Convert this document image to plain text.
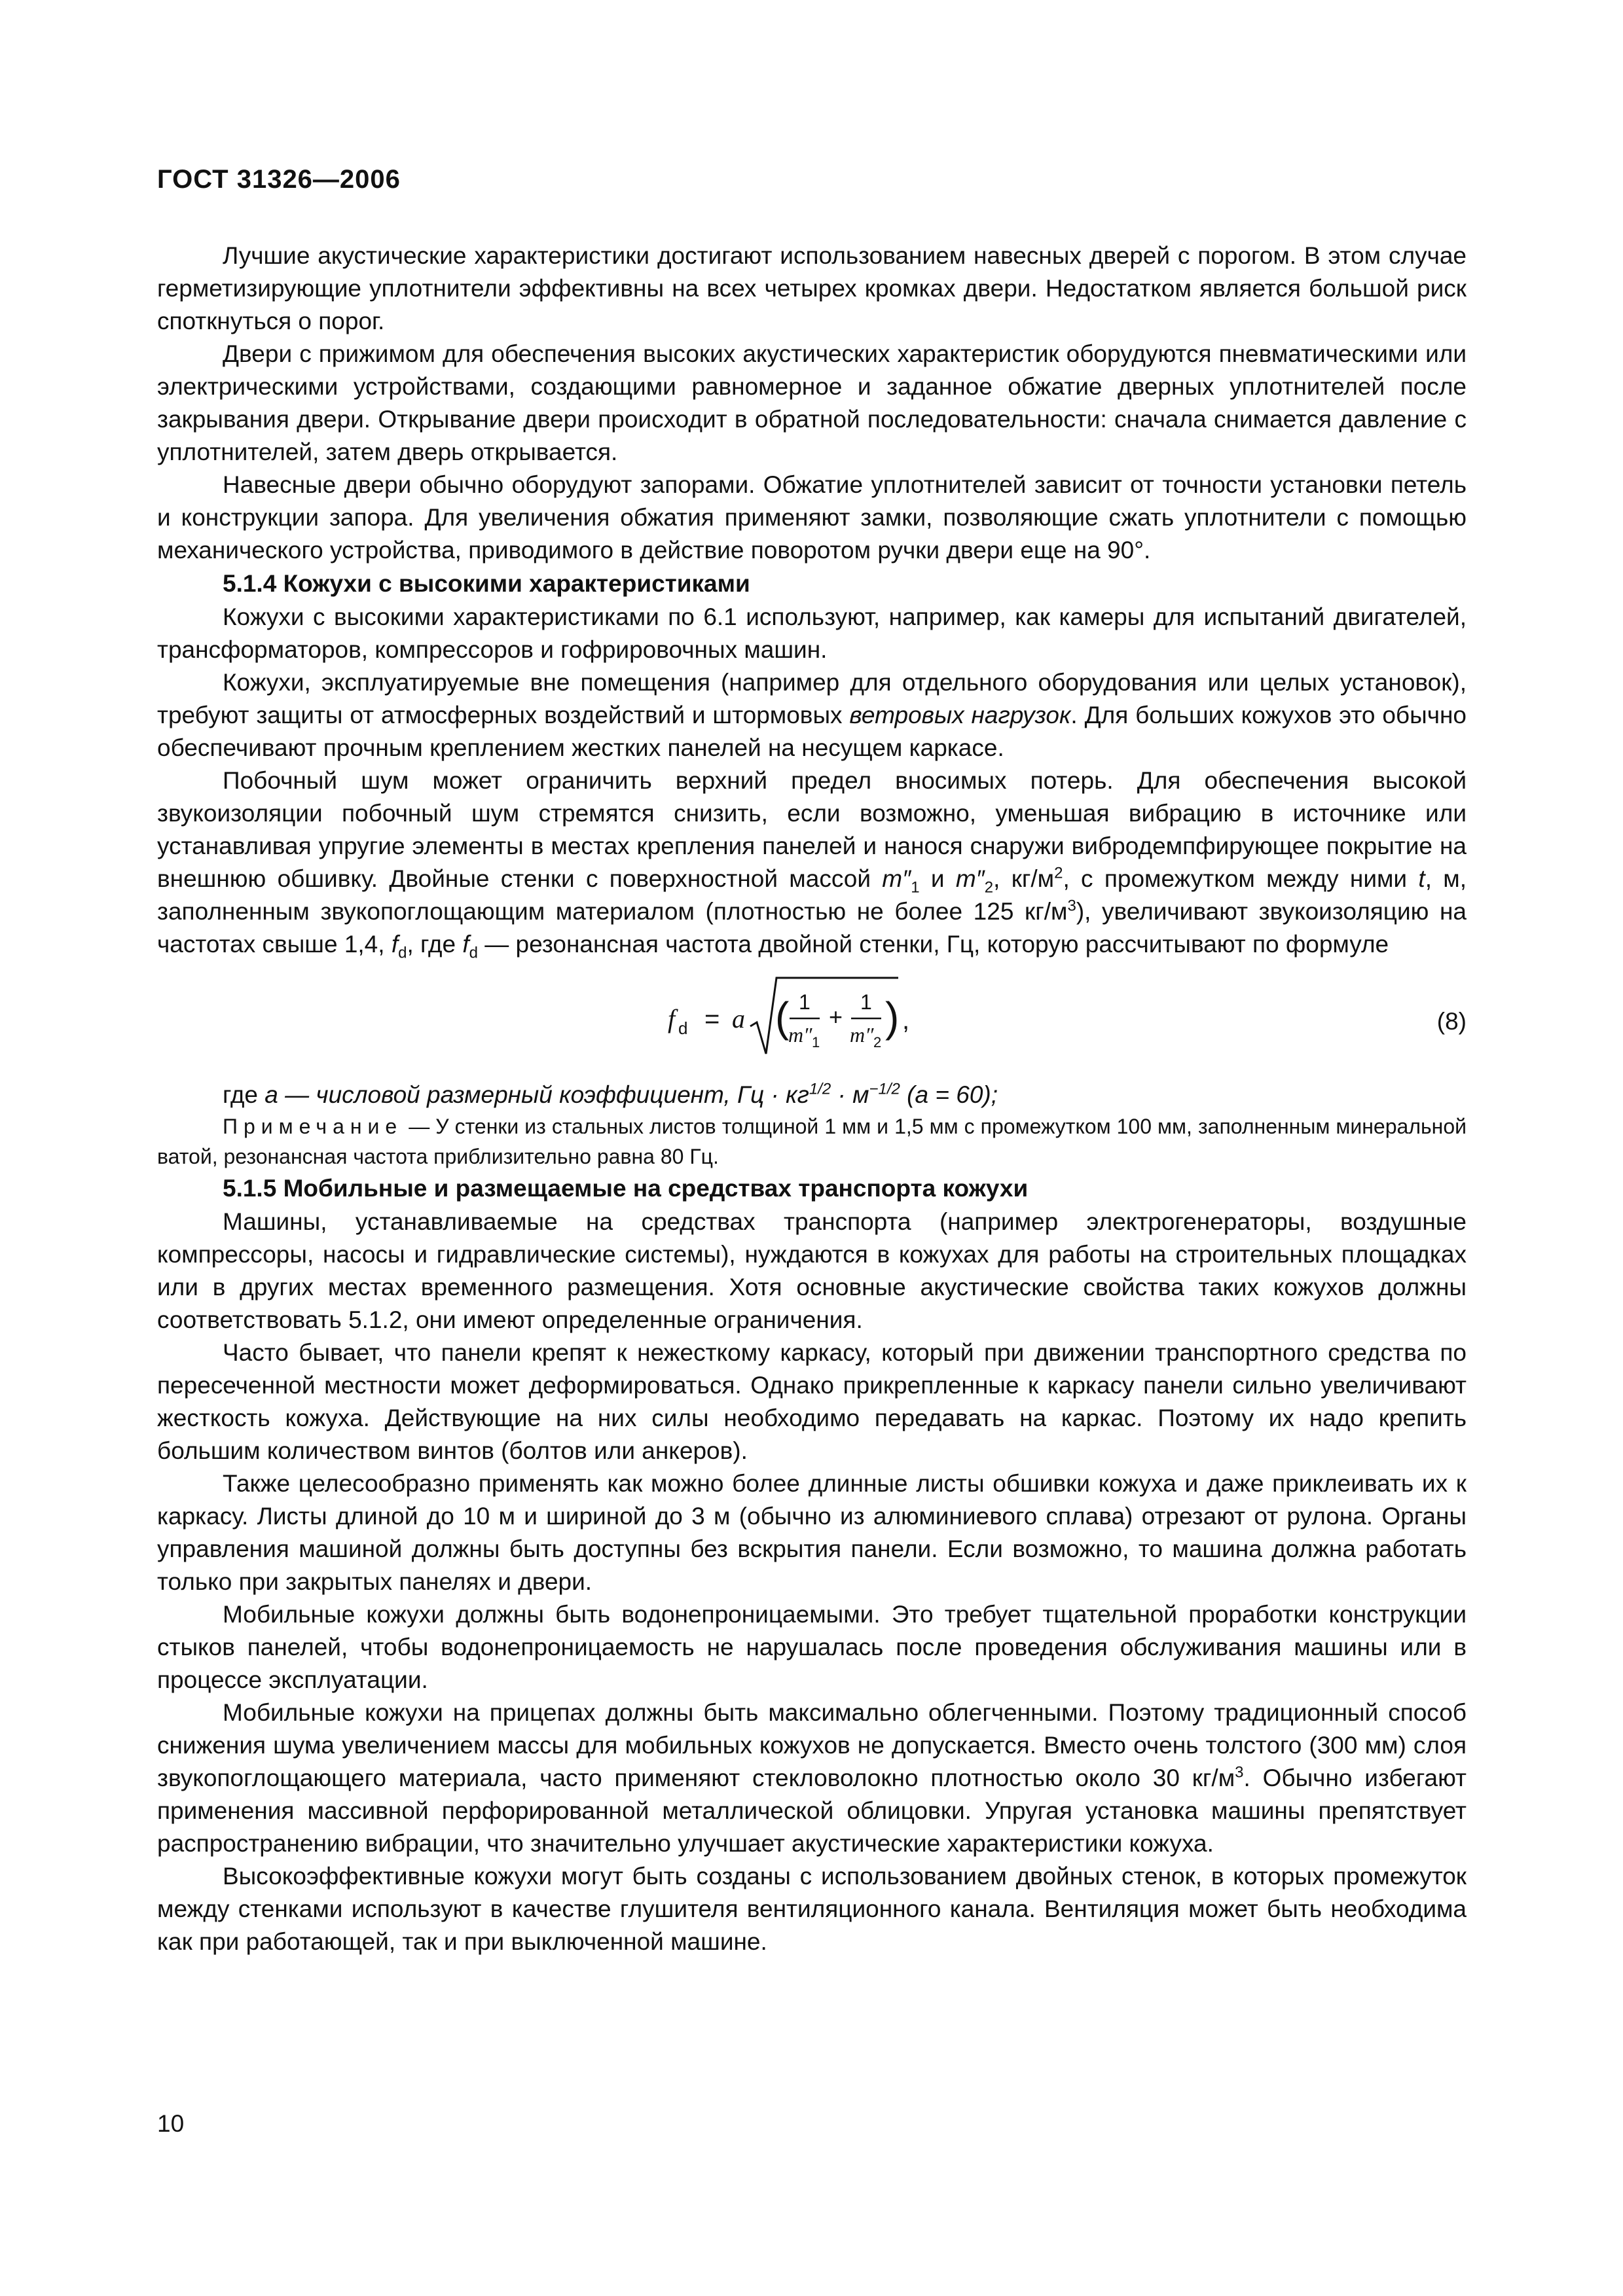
ГОСТ 31326—2006

Лучшие акустические характеристики достигают использованием навесных дверей с порогом. В этом случае герметизирующие уплотнители эффективны на всех четырех кромках двери. Недостатком является большой риск споткнуться о порог.

Двери с прижимом для обеспечения высоких акустических характеристик оборудуются пневматическими или электрическими устройствами, создающими равномерное и заданное обжатие дверных уплотнителей после закрывания двери. Открывание двери происходит в обратной последовательности: сначала снимается давление с уплотнителей, затем дверь открывается.

Навесные двери обычно оборудуют запорами. Обжатие уплотнителей зависит от точности установки петель и конструкции запора. Для увеличения обжатия применяют замки, позволяющие сжать уплотнители с помощью механического устройства, приводимого в действие поворотом ручки двери еще на 90°.

5.1.4 Кожухи с высокими характеристиками

Кожухи с высокими характеристиками по 6.1 используют, например, как камеры для испытаний двигателей, трансформаторов, компрессоров и гофрировочных машин.

Кожухи, эксплуатируемые вне помещения (например для отдельного оборудования или целых установок), требуют защиты от атмосферных воздействий и штормовых ветровых нагрузок. Для больших кожухов это обычно обеспечивают прочным креплением жестких панелей на несущем каркасе.

Побочный шум может ограничить верхний предел вносимых потерь. Для обеспечения высокой звукоизоляции побочный шум стремятся снизить, если возможно, уменьшая вибрацию в источнике или устанавливая упругие элементы в местах крепления панелей и нанося снаружи вибродемпфирующее покрытие на внешнюю обшивку. Двойные стенки с поверхностной массой $m''_1$ и $m''_2$, $кг/м^2$, с промежутком между ними t, м, заполненным звукопоглощающим материалом (плотностью не более 125 $кг/м^3$), увеличивают звукоизоляцию на частотах свыше 1,4, $f_d$, где $f_d$ — резонансная частота двойной стенки, Гц, которую рассчитывают по формуле

f d = a ( 1
m″ 1
+
1
m″ 2
) ,	(8)

где a — числовой размерный коэффициент, Гц · $кг^{1/2} \cdot м^{-1/2}$ (a = 60);

Примечание — У стенки из стальных листов толщиной 1 мм и 1,5 мм с промежутком 100 мм, заполненным минеральной ватой, резонансная частота приблизительно равна 80 Гц.

5.1.5 Мобильные и размещаемые на средствах транспорта кожухи

Машины, устанавливаемые на средствах транспорта (например электрогенераторы, воздушные компрессоры, насосы и гидравлические системы), нуждаются в кожухах для работы на строительных площадках или в других местах временного размещения. Хотя основные акустические свойства таких кожухов должны соответствовать 5.1.2, они имеют определенные ограничения.

Часто бывает, что панели крепят к нежесткому каркасу, который при движении транспортного средства по пересеченной местности может деформироваться. Однако прикрепленные к каркасу панели сильно увеличивают жесткость кожуха. Действующие на них силы необходимо передавать на каркас. Поэтому их надо крепить большим количеством винтов (болтов или анкеров).

Также целесообразно применять как можно более длинные листы обшивки кожуха и даже приклеивать их к каркасу. Листы длиной до 10 м и шириной до 3 м (обычно из алюминиевого сплава) отрезают от рулона. Органы управления машиной должны быть доступны без вскрытия панели. Если возможно, то машина должна работать только при закрытых панелях и двери.

Мобильные кожухи должны быть водонепроницаемыми. Это требует тщательной проработки конструкции стыков панелей, чтобы водонепроницаемость не нарушалась после проведения обслуживания машины или в процессе эксплуатации.

Мобильные кожухи на прицепах должны быть максимально облегченными. Поэтому традиционный способ снижения шума увеличением массы для мобильных кожухов не допускается. Вместо очень толстого (300 мм) слоя звукопоглощающего материала, часто применяют стекловолокно плотностью около 30 $кг/м^3$. Обычно избегают применения массивной перфорированной металлической облицовки. Упругая установка машины препятствует распространению вибрации, что значительно улучшает акустические характеристики кожуха.

Высокоэффективные кожухи могут быть созданы с использованием двойных стенок, в которых промежуток между стенками используют в качестве глушителя вентиляционного канала. Вентиляция может быть необходима как при работающей, так и при выключенной машине.

10
